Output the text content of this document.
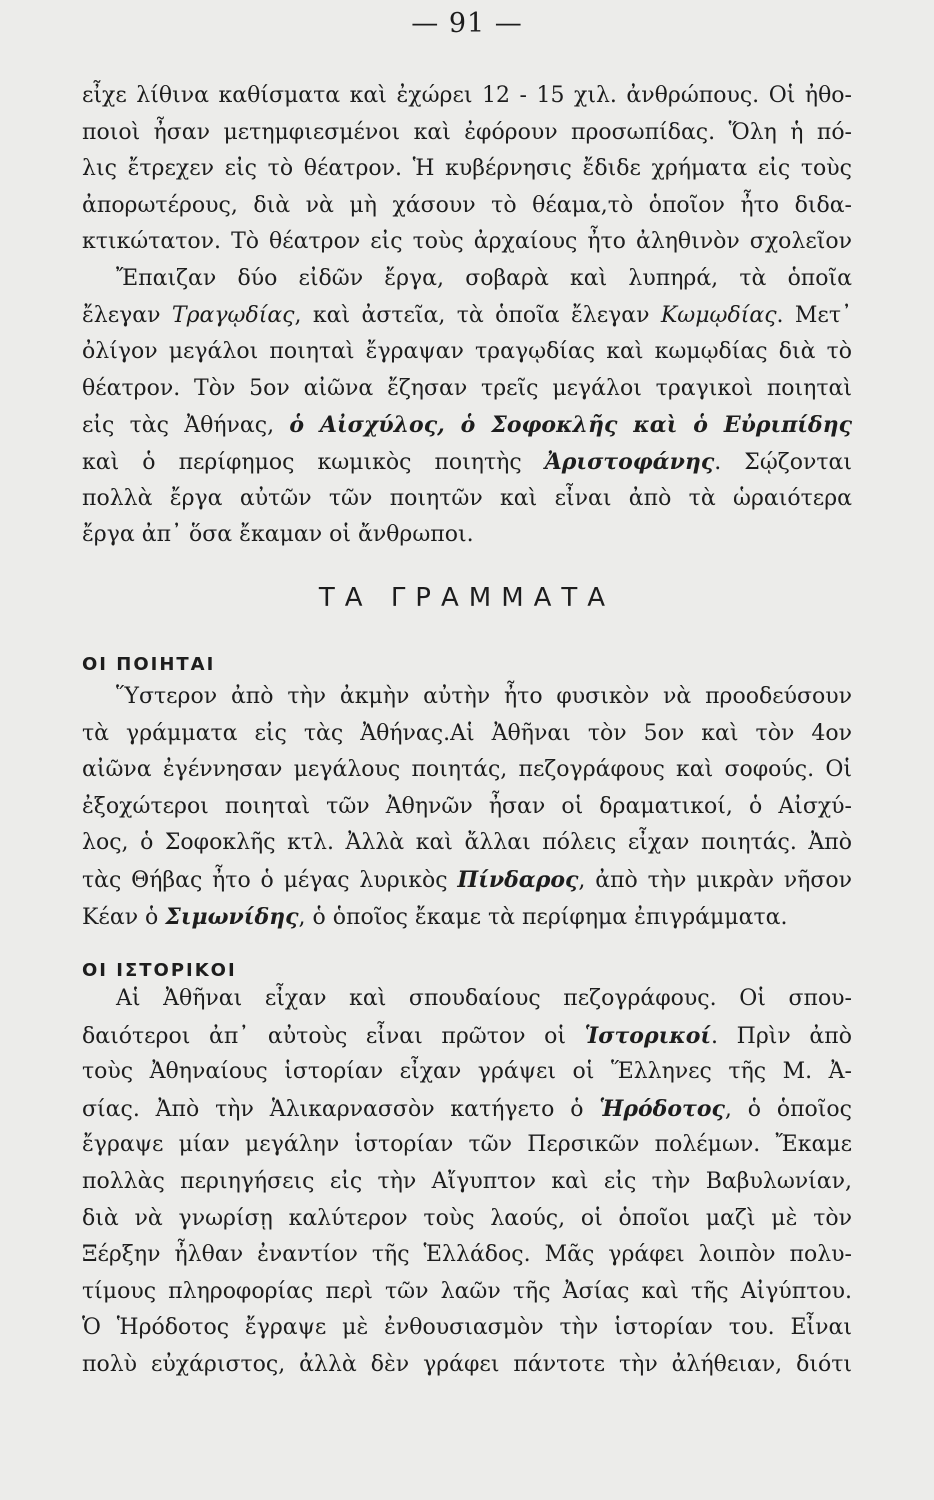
— 91 —
εἶχε λίθινα καθίσματα καὶ ἐχώρει 12 - 15 χιλ. ἀνθρώπους. Οἱ ἠθο-
ποιοὶ ἦσαν μετημφιεσμένοι καὶ ἐφόρουν προσωπίδας. Ὅλη ἡ πό-
λις ἔτρεχεν εἰς τὸ θέατρον. Ἡ κυβέρνησις ἔδιδε χρήματα εἰς τοὺς
ἀπορωτέρους, διὰ νὰ μὴ χάσουν τὸ θέαμα,τὸ ὁποῖον ἦτο διδα-
κτικώτατον. Τὸ θέατρον εἰς τοὺς ἀρχαίους ἦτο ἀληθινὸν σχολεῖον
Ἔπαιζαν δύο εἰδῶν ἔργα, σοβαρὰ καὶ λυπηρά, τὰ ὁποῖα
ἔλεγαν Τραγῳδίας, καὶ ἀστεῖα, τὰ ὁποῖα ἔλεγαν Κωμῳδίας. Μετ᾽
ὀλίγον μεγάλοι ποιηταὶ ἔγραψαν τραγῳδίας καὶ κωμῳδίας διὰ τὸ
θέατρον. Τὸν 5ον αἰῶνα ἔζησαν τρεῖς μεγάλοι τραγικοὶ ποιηταὶ
εἰς τὰς Ἀθήνας, ὁ Αἰσχύλος, ὁ Σοφοκλῆς καὶ ὁ Εὐριπίδης
καὶ ὁ περίφημος κωμικὸς ποιητὴς Ἀριστοφάνης. Σῴζονται
πολλὰ ἔργα αὐτῶν τῶν ποιητῶν καὶ εἶναι ἀπὸ τὰ ὡραιότερα
ἔργα ἀπ᾽ ὅσα ἔκαμαν οἱ ἄνθρωποι.
ΤΑ ΓΡΑΜΜΑΤΑ
ΟΙ ΠΟΙΗΤΑΙ
Ὕστερον ἀπὸ τὴν ἀκμὴν αὐτὴν ἦτο φυσικὸν νὰ προοδεύσουν
τὰ γράμματα εἰς τὰς Ἀθήνας.Αἱ Ἀθῆναι τὸν 5ον καὶ τὸν 4ον
αἰῶνα ἐγέννησαν μεγάλους ποιητάς, πεζογράφους καὶ σοφούς. Οἱ
ἐξοχώτεροι ποιηταὶ τῶν Ἀθηνῶν ἦσαν οἱ δραματικοί, ὁ Αἰσχύ-
λος, ὁ Σοφοκλῆς κτλ. Ἀλλὰ καὶ ἄλλαι πόλεις εἶχαν ποιητάς. Ἀπὸ
τὰς Θήβας ἦτο ὁ μέγας λυρικὸς Πίνδαρος, ἀπὸ τὴν μικρὰν νῆσον
Κέαν ὁ Σιμωνίδης, ὁ ὁποῖος ἔκαμε τὰ περίφημα ἐπιγράμματα.
ΟΙ ΙΣΤΟΡΙΚΟΙ
Αἱ Ἀθῆναι εἶχαν καὶ σπουδαίους πεζογράφους. Οἱ σπου-
δαιότεροι ἀπ᾽ αὐτοὺς εἶναι πρῶτον οἱ Ἱστορικοί. Πρὶν ἀπὸ
τοὺς Ἀθηναίους ἱστορίαν εἶχαν γράψει οἱ Ἕλληνες τῆς Μ. Ἀ-
σίας. Ἀπὸ τὴν Ἁλικαρνασσὸν κατήγετο ὁ Ἡρόδοτος, ὁ ὁποῖος
ἔγραψε μίαν μεγάλην ἱστορίαν τῶν Περσικῶν πολέμων. Ἔκαμε
πολλὰς περιηγήσεις εἰς τὴν Αἴγυπτον καὶ εἰς τὴν Βαβυλωνίαν,
διὰ νὰ γνωρίσῃ καλύτερον τοὺς λαούς, οἱ ὁποῖοι μαζὶ μὲ τὸν
Ξέρξην ἦλθαν ἐναντίον τῆς Ἑλλάδος. Μᾶς γράφει λοιπὸν πολυ-
τίμους πληροφορίας περὶ τῶν λαῶν τῆς Ἀσίας καὶ τῆς Αἰγύπτου.
Ὁ Ἡρόδοτος ἔγραψε μὲ ἐνθουσιασμὸν τὴν ἱστορίαν του. Εἶναι
πολὺ εὐχάριστος, ἀλλὰ δὲν γράφει πάντοτε τὴν ἀλήθειαν, διότι
